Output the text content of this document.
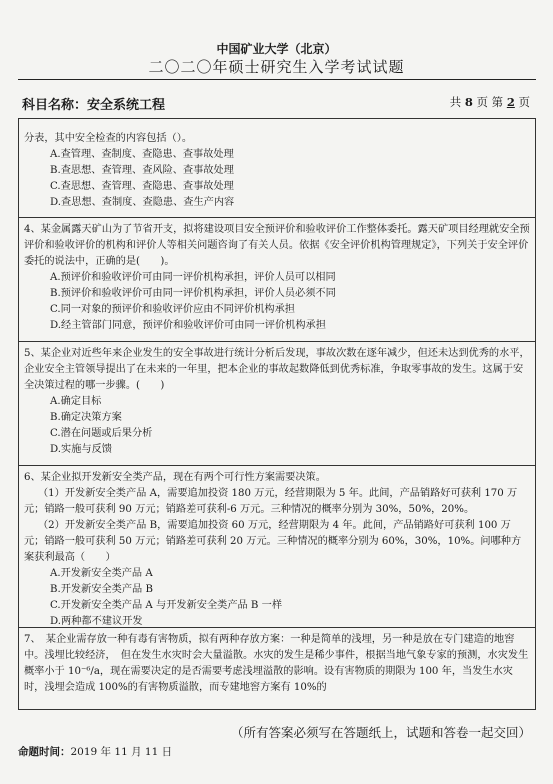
中国矿业大学（北京）
二〇二〇年硕士研究生入学考试试题
科目名称：安全系统工程	共 8 页 第 2 页

分表，其中安全检查的内容包括（）。

A.查管理、查制度、查隐患、查事故处理

B.查思想、查管理、查风险、查事故处理

C.查思想、查管理、查隐患、查事故处理

D.查思想、查制度、查隐患、查生产内容

4、某金属露天矿山为了节省开支，拟将建设项目安全预评价和验收评价工作整体委托。露天矿项目经理就安全预评价和验收评价的机构和评价人等相关问题咨询了有关人员。依据《安全评价机构管理规定》，下列关于安全评价委托的说法中，正确的是(　　)。

A.预评价和验收评价可由同一评价机构承担，评价人员可以相同

B.预评价和验收评价可由同一评价机构承担，评价人员必须不同

C.同一对象的预评价和验收评价应由不同评价机构承担

D.经主管部门同意，预评价和验收评价可由同一评价机构承担

5、某企业对近些年来企业发生的安全事故进行统计分析后发现，事故次数在逐年减少，但还未达到优秀的水平，企业安全主管领导提出了在未来的一年里，把本企业的事故起数降低到优秀标准，争取零事故的发生。这属于安全决策过程的哪一步骤。(　　)

A.确定目标

B.确定决策方案

C.潜在问题或后果分析

D.实施与反馈

6、某企业拟开发新安全类产品，现在有两个可行性方案需要决策。

（1）开发新安全类产品 A，需要追加投资 180 万元，经营期限为 5 年。此间，产品销路好可获利 170 万元；销路一般可获利 90 万元；销路差可获利-6 万元。三种情况的概率分别为 30%，50%，20%。

（2）开发新安全类产品 B，需要追加投资 60 万元，经营期限为 4 年。此间，产品销路好可获利 100 万元；销路一般可获利 50 万元；销路差可获利 20 万元。三种情况的概率分别为 60%，30%，10%。问哪种方案获利最高（　　）

A.开发新安全类产品 A

B.开发新安全类产品 B

C.开发新安全类产品 A 与开发新安全类产品 B 一样

D.两种都不建议开发

7、　某企业需存放一种有毒有害物质，拟有两种存放方案：一种是简单的浅埋，另一种是放在专门建造的地窖中。浅埋比较经济，　但在发生水灾时会大量溢散。水灾的发生是稀少事件，根据当地气象专家的预测，水灾发生概率小于 10⁻⁶/a，现在需要决定的是否需要考虑浅埋溢散的影响。设有害物质的期限为 100 年，当发生水灾时，浅埋会造成 100%的有害物质溢散，而专建地窖方案有 10%的

（所有答案必须写在答题纸上，试题和答卷一起交回）
命题时间：2019 年 11 月 11 日
